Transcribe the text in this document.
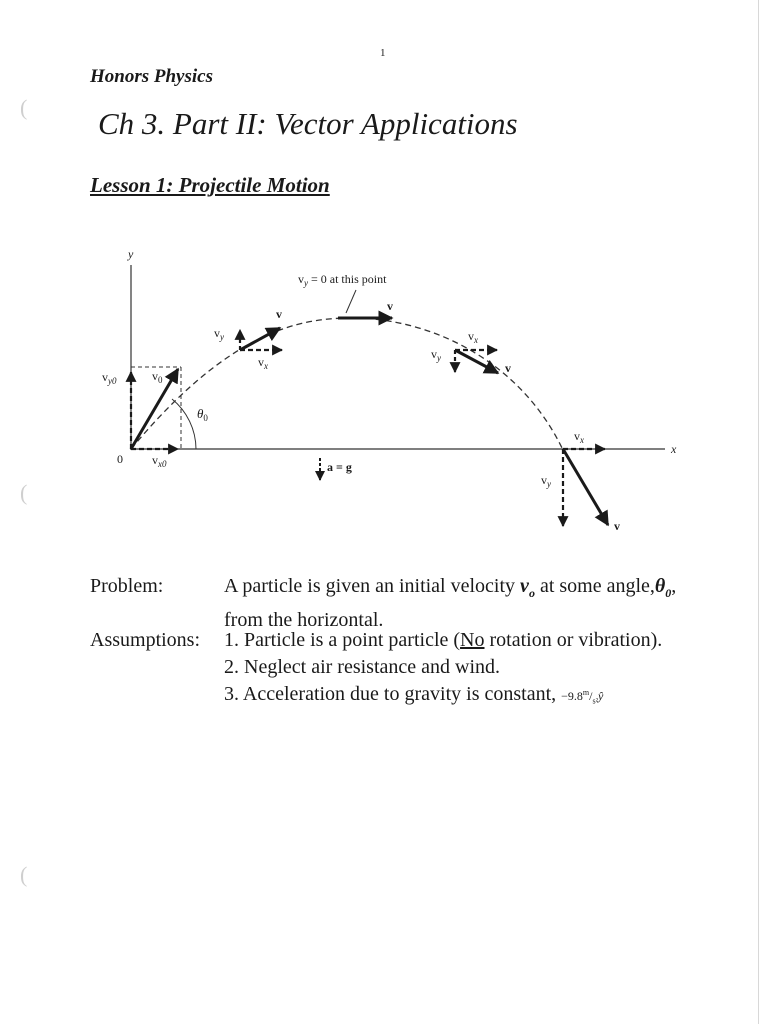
(
(
(
1
Honors Physics
Ch 3. Part II: Vector Applications
Lesson 1: Projectile Motion
y
x
0
$v_{y0}$	$v_0$
$v_{x0}$
$\theta_0$
v
$v_y$
$v_x$
$v_y = 0$ at this point
v
$v_x$
$v_y$
v
$v_x$
$v_y$
v
a = g
Problem:	A particle is given an initial velocity $v_o$ at some $angle,\theta_0$, from the horizontal.
Assumptions: 1. Particle is a point particle (No rotation or vibration).
2. Neglect air resistance and wind.
3. Acceleration due to gravity is constant, $-9.8^m/_{s^2}ŷ$
